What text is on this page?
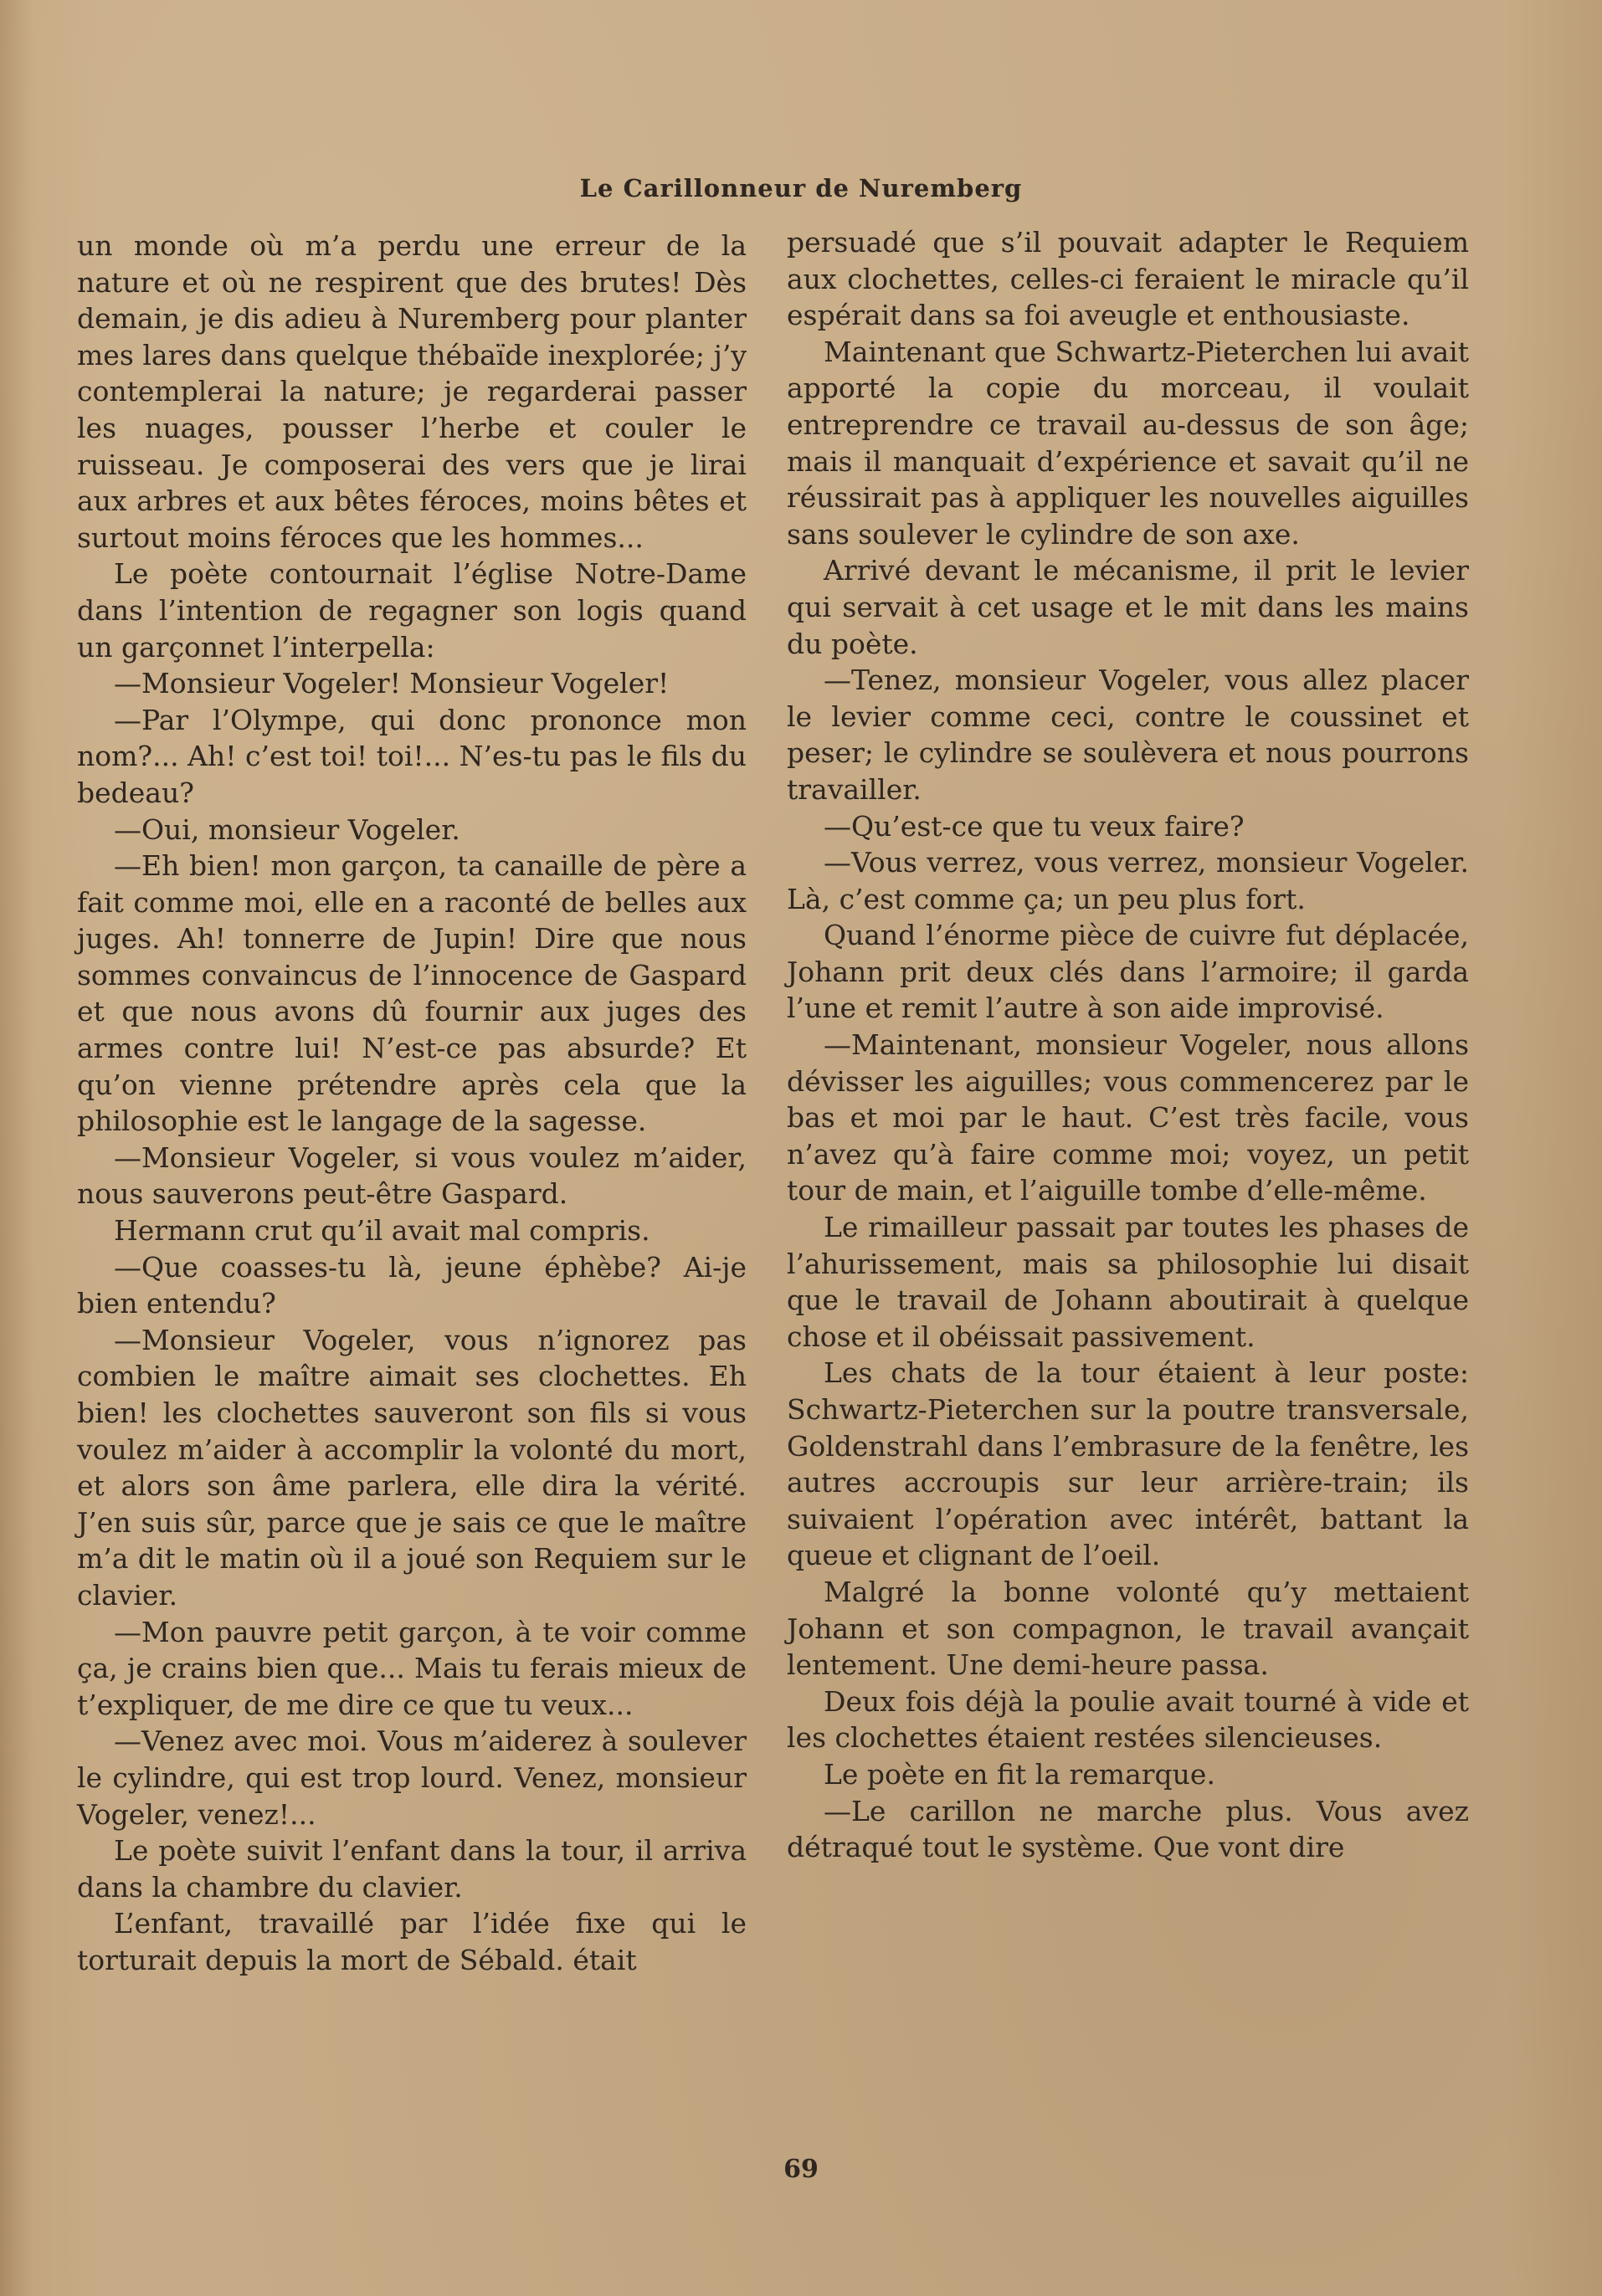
Le Carillonneur de Nuremberg

un monde où m’a perdu une erreur de la nature et où ne respirent que des brutes! Dès demain, je dis adieu à Nuremberg pour planter mes lares dans quelque thébaïde inexplorée; j’y contemplerai la nature; je regarderai passer les nuages, pousser l’herbe et couler le ruisseau. Je composerai des vers que je lirai aux arbres et aux bêtes féroces, moins bêtes et surtout moins féroces que les hommes...

Le poète contournait l’église Notre-Dame dans l’intention de regagner son logis quand un garçonnet l’interpella:

—Monsieur Vogeler! Monsieur Vogeler!

—Par l’Olympe, qui donc prononce mon nom?... Ah! c’est toi! toi!... N’es-tu pas le fils du bedeau?

—Oui, monsieur Vogeler.

—Eh bien! mon garçon, ta canaille de père a fait comme moi, elle en a raconté de belles aux juges. Ah! tonnerre de Jupin! Dire que nous sommes convaincus de l’innocence de Gaspard et que nous avons dû fournir aux juges des armes contre lui! N’est-ce pas absurde? Et qu’on vienne prétendre après cela que la philosophie est le langage de la sagesse.

—Monsieur Vogeler, si vous voulez m’aider, nous sauverons peut-être Gaspard.

Hermann crut qu’il avait mal compris.

—Que coasses-tu là, jeune éphèbe? Ai-je bien entendu?

—Monsieur Vogeler, vous n’ignorez pas combien le maître aimait ses clochettes. Eh bien! les clochettes sauveront son fils si vous voulez m’aider à accomplir la volonté du mort, et alors son âme parlera, elle dira la vérité. J’en suis sûr, parce que je sais ce que le maître m’a dit le matin où il a joué son Requiem sur le clavier.

—Mon pauvre petit garçon, à te voir comme ça, je crains bien que... Mais tu ferais mieux de t’expliquer, de me dire ce que tu veux...

—Venez avec moi. Vous m’aiderez à soulever le cylindre, qui est trop lourd. Venez, monsieur Vogeler, venez!...

Le poète suivit l’enfant dans la tour, il arriva dans la chambre du clavier.

L’enfant, travaillé par l’idée fixe qui le torturait depuis la mort de Sébald. était

persuadé que s’il pouvait adapter le Requiem aux clochettes, celles-ci feraient le miracle qu’il espérait dans sa foi aveugle et enthousiaste.

Maintenant que Schwartz-Pieterchen lui avait apporté la copie du morceau, il voulait entreprendre ce travail au-dessus de son âge; mais il manquait d’expérience et savait qu’il ne réussirait pas à appliquer les nouvelles aiguilles sans soulever le cylindre de son axe.

Arrivé devant le mécanisme, il prit le levier qui servait à cet usage et le mit dans les mains du poète.

—Tenez, monsieur Vogeler, vous allez placer le levier comme ceci, contre le coussinet et peser; le cylindre se soulèvera et nous pourrons travailler.

—Qu’est-ce que tu veux faire?

—Vous verrez, vous verrez, monsieur Vogeler. Là, c’est comme ça; un peu plus fort.

Quand l’énorme pièce de cuivre fut déplacée, Johann prit deux clés dans l’armoire; il garda l’une et remit l’autre à son aide improvisé.

—Maintenant, monsieur Vogeler, nous allons dévisser les aiguilles; vous commencerez par le bas et moi par le haut. C’est très facile, vous n’avez qu’à faire comme moi; voyez, un petit tour de main, et l’aiguille tombe d’elle-même.

Le rimailleur passait par toutes les phases de l’ahurissement, mais sa philosophie lui disait que le travail de Johann aboutirait à quelque chose et il obéissait passivement.

Les chats de la tour étaient à leur poste: Schwartz-Pieterchen sur la poutre transversale, Goldenstrahl dans l’embrasure de la fenêtre, les autres accroupis sur leur arrière-train; ils suivaient l’opération avec intérêt, battant la queue et clignant de l’oeil.

Malgré la bonne volonté qu’y mettaient Johann et son compagnon, le travail avançait lentement. Une demi-heure passa.

Deux fois déjà la poulie avait tourné à vide et les clochettes étaient restées silencieuses.

Le poète en fit la remarque.

—Le carillon ne marche plus. Vous avez détraqué tout le système. Que vont dire

69
